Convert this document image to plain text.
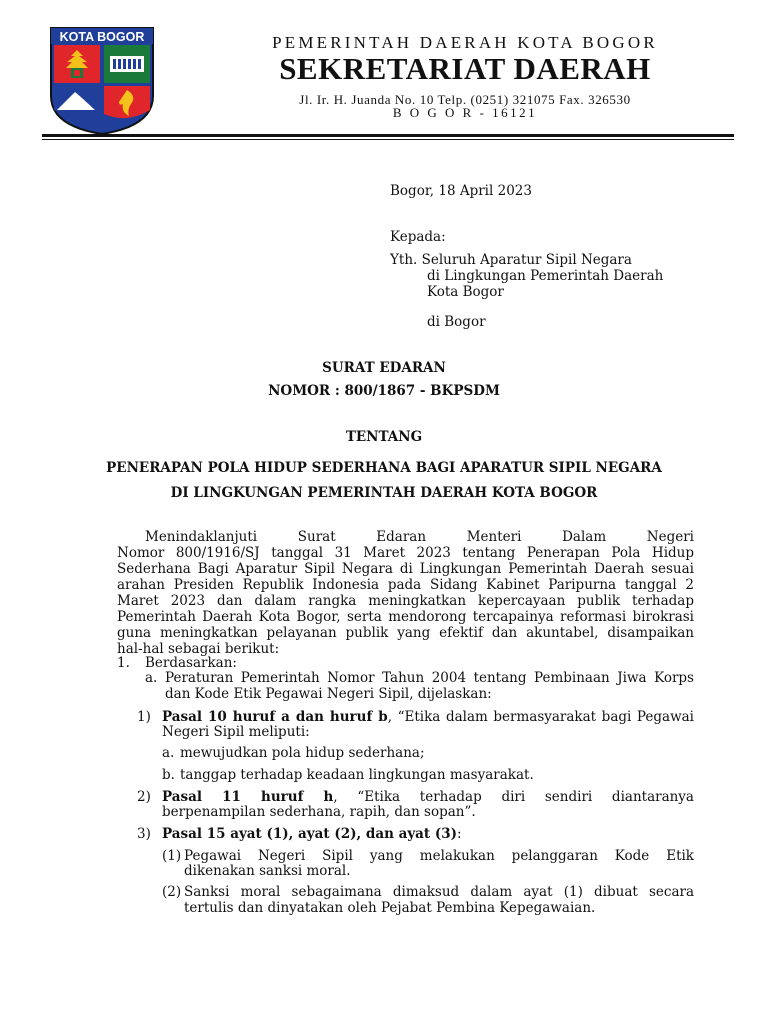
KOTA BOGOR	PEMERINTAH DAERAH KOTA BOGOR
SEKRETARIAT DAERAH
Jl. Ir. H. Juanda No. 10 Telp. (0251) 321075 Fax. 326530
B O G O R - 16121
Bogor, 18 April 2023
Kepada:
Yth. Seluruh Aparatur Sipil Negara
di Lingkungan Pemerintah Daerah
Kota Bogor
di Bogor
SURAT EDARAN
NOMOR : 800/1867 - BKPSDM
TENTANG
PENERAPAN POLA HIDUP SEDERHANA BAGI APARATUR SIPIL NEGARA
DI LINGKUNGAN PEMERINTAH DAERAH KOTA BOGOR
Menindaklanjuti Surat Edaran Menteri Dalam Negeri
Nomor 800/1916/SJ tanggal 31 Maret 2023 tentang Penerapan Pola Hidup
Sederhana Bagi Aparatur Sipil Negara di Lingkungan Pemerintah Daerah sesuai
arahan Presiden Republik Indonesia pada Sidang Kabinet Paripurna tanggal 2
Maret 2023 dan dalam rangka meningkatkan kepercayaan publik terhadap
Pemerintah Daerah Kota Bogor, serta mendorong tercapainya reformasi birokrasi
guna meningkatkan pelayanan publik yang efektif dan akuntabel, disampaikan
hal-hal sebagai berikut:
1. Berdasarkan:
a. Peraturan Pemerintah Nomor Tahun 2004 tentang Pembinaan Jiwa Korps
dan Kode Etik Pegawai Negeri Sipil, dijelaskan:
1) Pasal 10 huruf a dan huruf b, “Etika dalam bermasyarakat bagi Pegawai
Negeri Sipil meliputi:
a. mewujudkan pola hidup sederhana;
b. tanggap terhadap keadaan lingkungan masyarakat.
2) Pasal 11 huruf h, “Etika terhadap diri sendiri diantaranya
berpenampilan sederhana, rapih, dan sopan”.
3) Pasal 15 ayat (1), ayat (2), dan ayat (3):
(1) Pegawai Negeri Sipil yang melakukan pelanggaran Kode Etik
dikenakan sanksi moral.
(2) Sanksi moral sebagaimana dimaksud dalam ayat (1) dibuat secara
tertulis dan dinyatakan oleh Pejabat Pembina Kepegawaian.
